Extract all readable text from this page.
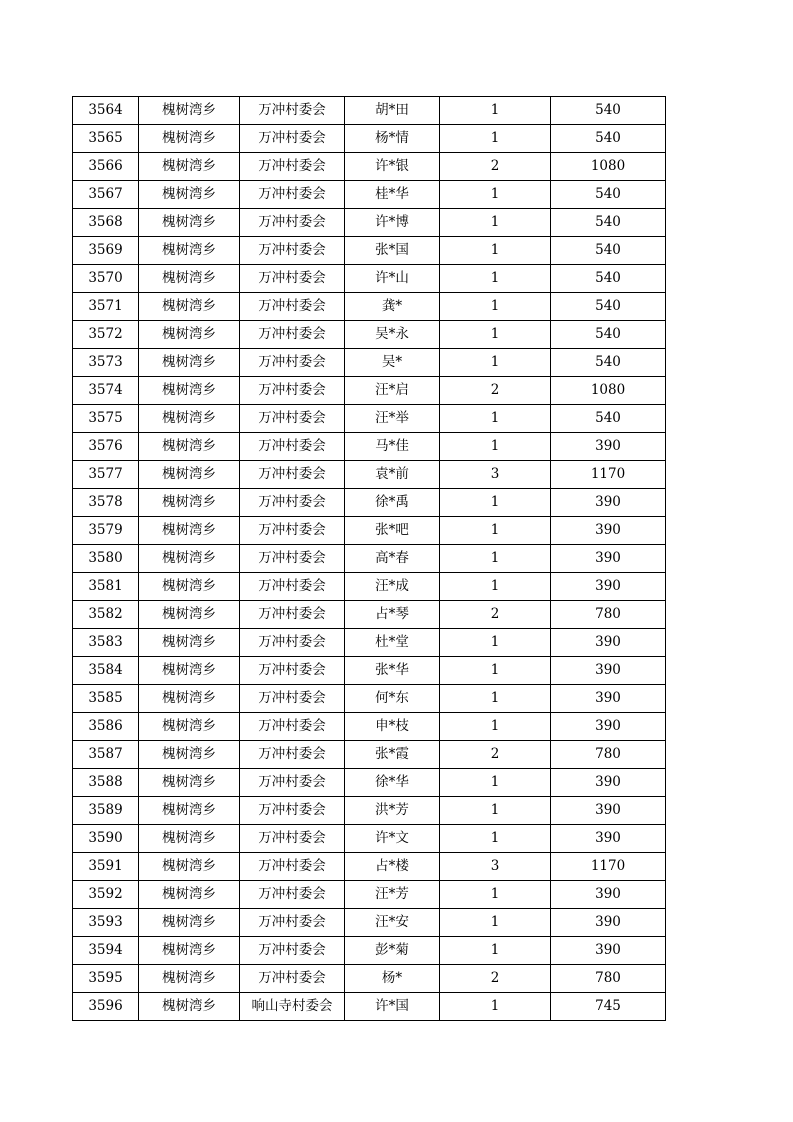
3564	槐树湾乡	万冲村委会	胡*田	1	540
3565	槐树湾乡	万冲村委会	杨*情	1	540
3566	槐树湾乡	万冲村委会	许*银	2	1080
3567	槐树湾乡	万冲村委会	桂*华	1	540
3568	槐树湾乡	万冲村委会	许*博	1	540
3569	槐树湾乡	万冲村委会	张*国	1	540
3570	槐树湾乡	万冲村委会	许*山	1	540
3571	槐树湾乡	万冲村委会	龚*	1	540
3572	槐树湾乡	万冲村委会	吴*永	1	540
3573	槐树湾乡	万冲村委会	吴*	1	540
3574	槐树湾乡	万冲村委会	汪*启	2	1080
3575	槐树湾乡	万冲村委会	汪*举	1	540
3576	槐树湾乡	万冲村委会	马*佳	1	390
3577	槐树湾乡	万冲村委会	袁*前	3	1170
3578	槐树湾乡	万冲村委会	徐*禹	1	390
3579	槐树湾乡	万冲村委会	张*吧	1	390
3580	槐树湾乡	万冲村委会	高*春	1	390
3581	槐树湾乡	万冲村委会	汪*成	1	390
3582	槐树湾乡	万冲村委会	占*琴	2	780
3583	槐树湾乡	万冲村委会	杜*堂	1	390
3584	槐树湾乡	万冲村委会	张*华	1	390
3585	槐树湾乡	万冲村委会	何*东	1	390
3586	槐树湾乡	万冲村委会	申*枝	1	390
3587	槐树湾乡	万冲村委会	张*霞	2	780
3588	槐树湾乡	万冲村委会	徐*华	1	390
3589	槐树湾乡	万冲村委会	洪*芳	1	390
3590	槐树湾乡	万冲村委会	许*文	1	390
3591	槐树湾乡	万冲村委会	占*楼	3	1170
3592	槐树湾乡	万冲村委会	汪*芳	1	390
3593	槐树湾乡	万冲村委会	汪*安	1	390
3594	槐树湾乡	万冲村委会	彭*菊	1	390
3595	槐树湾乡	万冲村委会	杨*	2	780
3596	槐树湾乡	响山寺村委会	许*国	1	745
